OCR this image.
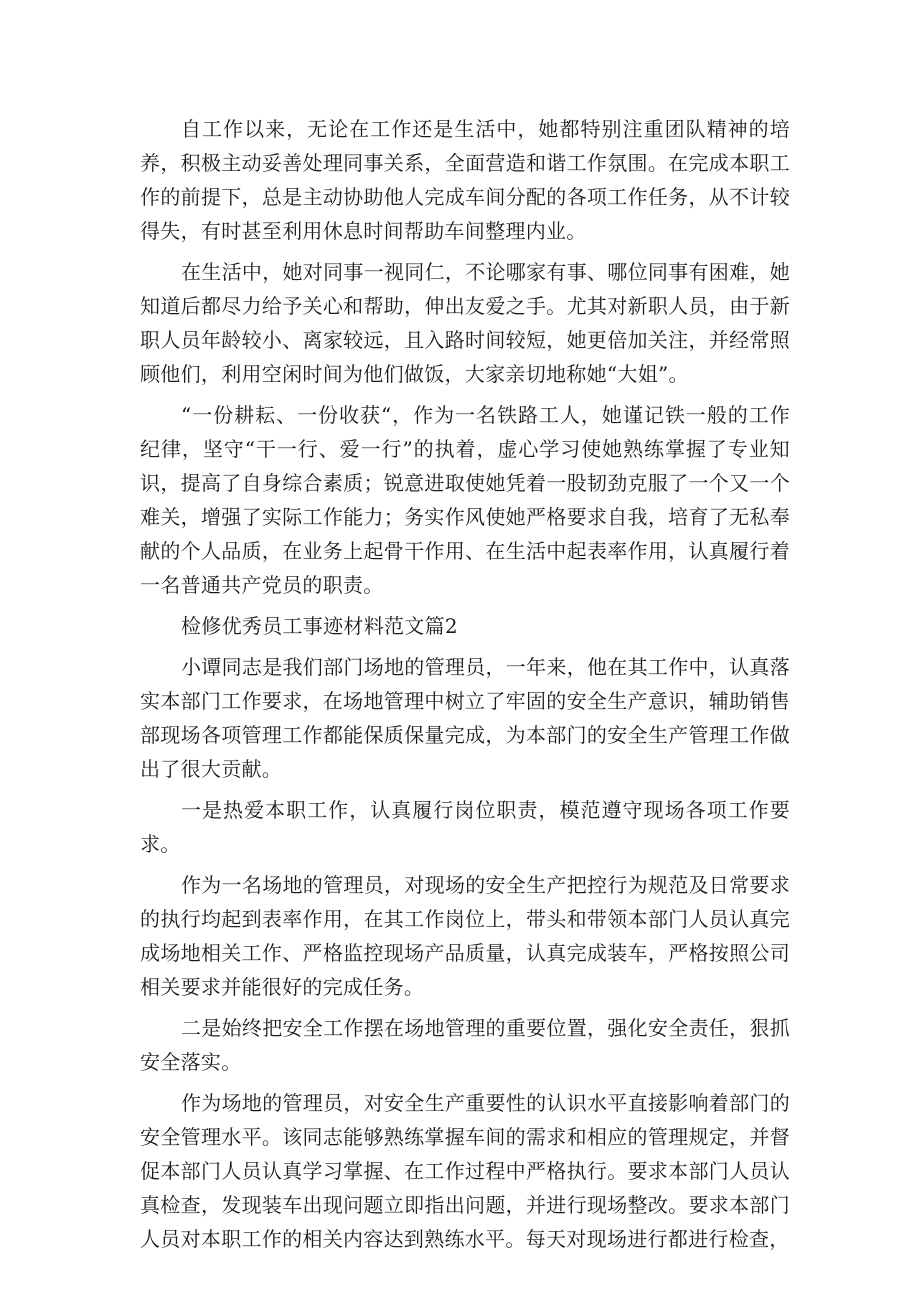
自工作以来，无论在工作还是生活中，她都特别注重团队精神的培养，积极主动妥善处理同事关系，全面营造和谐工作氛围。在完成本职工作的前提下，总是主动协助他人完成车间分配的各项工作任务，从不计较得失，有时甚至利用休息时间帮助车间整理内业。

在生活中，她对同事一视同仁，不论哪家有事、哪位同事有困难，她知道后都尽力给予关心和帮助，伸出友爱之手。尤其对新职人员，由于新职人员年龄较小、离家较远，且入路时间较短，她更倍加关注，并经常照顾他们，利用空闲时间为他们做饭，大家亲切地称她“大姐”。

“一份耕耘、一份收获“，作为一名铁路工人，她谨记铁一般的工作纪律，坚守“干一行、爱一行”的执着，虚心学习使她熟练掌握了专业知识，提高了自身综合素质；锐意进取使她凭着一股韧劲克服了一个又一个难关，增强了实际工作能力；务实作风使她严格要求自我，培育了无私奉献的个人品质，在业务上起骨干作用、在生活中起表率作用，认真履行着一名普通共产党员的职责。

检修优秀员工事迹材料范文篇2

小谭同志是我们部门场地的管理员，一年来，他在其工作中，认真落实本部门工作要求，在场地管理中树立了牢固的安全生产意识，辅助销售部现场各项管理工作都能保质保量完成，为本部门的安全生产管理工作做出了很大贡献。

一是热爱本职工作，认真履行岗位职责，模范遵守现场各项工作要求。

作为一名场地的管理员，对现场的安全生产把控行为规范及日常要求的执行均起到表率作用，在其工作岗位上，带头和带领本部门人员认真完成场地相关工作、严格监控现场产品质量，认真完成装车，严格按照公司相关要求并能很好的完成任务。

二是始终把安全工作摆在场地管理的重要位置，强化安全责任，狠抓安全落实。

作为场地的管理员，对安全生产重要性的认识水平直接影响着部门的安全管理水平。该同志能够熟练掌握车间的需求和相应的管理规定，并督促本部门人员认真学习掌握、在工作过程中严格执行。要求本部门人员认真检查，发现装车出现问题立即指出问题，并进行现场整改。要求本部门人员对本职工作的相关内容达到熟练水平。每天对现场进行都进行检查，
